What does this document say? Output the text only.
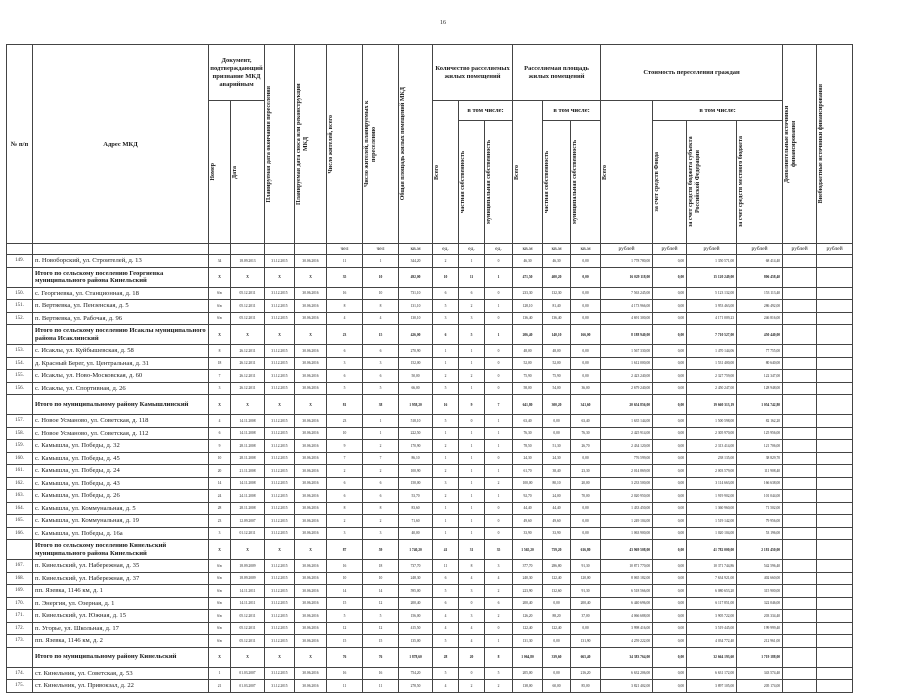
16
№ п/п	Адрес МКД	Документ, подтверждающий признание МКД аварийным		Планируемая дата окончания переселения	Планируемая дата сноса или реконструкции МКД	Число жителей, всего	Число жителей, планируемых к переселению	Общая площадь жилых помещений МКД	Количество расселяемых жилых помещений			Расселяемая площадь жилых помещений			Стоимость переселения граждан				Дополнительные источники финансирования	Внебюджетные источники финансирования

		Номер	Дата						Всего	в том числе:		Всего	в том числе:		Всего	в том числе:				

										частная собственность	муниципальная собственность		частная собственность	муниципальная собственность		за счет средств Фонда	за счет средств бюджета субъекта Российской Федерации	за счет средств местного бюджета		

						чел	чел	кв.м	ед.	ед.	ед.	кв.м	кв.м	кв.м	рублей	рублей	рублей	рублей	рублей	рублей
149.	п. Новоборский, ул. Строителей, д. 13	34	18.09.2013	31.12.2015	30.06.2016	11	1	344,20	2	1	0	46,30	46,30	0,00	1 778 780,00	0,00	1 350 571,00	68 414,40		
	Итого по сельскому поселению Георгиевка муниципального района Кинельский	X	X	X	X	35	10	492,00	10	11	1	471,50	400,20	0,00	16 029 118,00	0,00	15 120 249,00	806 458,40		
150.	с. Георгиевка, ул. Станционная, д. 18	6/в	05.12.2011	31.12.2015	30.06.2016	16	10	731,10	6	6	0	233,30	132,30	0,00	7 563 245,00	0,00	5 123 132,00	153 113,40		
151.	п. Вертяевка, ул. Пензенская, д. 5	6/в	05.12.2011	31.12.2015	30.06.2016	8	8	131,10	5	2	1	128,10	81,40	0,00	4 173 966,00	0,00	3 953 463,00	286 492,00		
152.	п. Вертяевка, ул. Рабочая, д. 96	6/в	05.12.2011	31.12.2015	30.06.2016	4	4	130,10	3	3	0	136,40	136,40	0,00	4 691 300,00	0,00	4 171 009,23	246 816,00		
	Итого по сельскому поселению Исаклы муниципального района Исаклинский	X	X	X	X	23	15	426,00	6	5	1	206,40	140,10	166,00	8 188 940,00	0,00	7 710 527,00	450 440,00		
153.	с. Исаклы, ул. Куйбышевская, д. 58	8	26.12.2011	31.12.2015	30.06.2016	6	6	270,90	1	1	0	48,00	48,00	0,00	1 567 330,00	0,00	1 470 144,06	77 755,00		
154.	д. Красный Берег, ул. Центральная, д. 31	18	26.12.2011	31.12.2015	30.06.2016	3	3	152,00	1	1	0	52,00	52,00	0,00	1 612 000,00	0,00	1 531 400,00	80 640,00		
155.	с. Исаклы, ул. Ново-Московская, д. 60	7	26.12.2011	31.12.2015	30.06.2016	6	6	50,00	2	2	0	75,90	75,90	0,00	2 423 240,00	0,00	2 327 759,00	122 347,00		
156.	с. Исаклы, ул. Спортивная, д. 26	3	26.12.2011	31.12.2015	30.06.2016	5	5	66,00	5	1	0	58,00	54,00	36,00	2 679 240,00	0,00	2 450 247,00	128 948,00		
	Итого по муниципальному району Камышлинский	X	X	X	X	81	38	1 958,20	16	9	7	641,80	300,20	341,60	20 654 856,00	0,00	19 660 313,19	1 054 742,80		
157.	с. Новое Усманово, ул. Советская, д. 118	4	14.11.2008	31.12.2015	30.06.2016	23	1	518,10	5	0	1	63,40	0,00	63,40	1 635 144,00	0,00	1 500 598,00	82 162,20		
158.	с. Новое Усманово, ул. Советская, д. 112	6	14.11.2008	31.12.2015	30.06.2016	10	1	222,50	1	1	1	76,30	0,00	76,30	2 425 914,00	0,00	2 305 970,00	125 956,00		
159.	с. Камышла, ул. Победы, д. 32	9	28.11.2008	31.12.2015	30.06.2016	9	2	170,90	2	1	1	78,50	51,30	26,70	2 434 120,00	0,00	2 313 414,00	121 706,00		
160.	с. Камышла, ул. Победы, д. 45	10	28.11.2008	31.12.2015	30.06.2016	7	7	86,10	1	1	0	24,30	24,30	0,00	776 599,00	0,00	238 135,00	38 829,70		
161.	с. Камышла, ул. Победы, д. 24	20	21.11.2008	31.12.2015	30.06.2016	2	2	100,90	2	1	1	61,70	38,40	23,30	2 014 869,00	0,00	2 003 579,00	111 908,40		
162.	с. Камышла, ул. Победы, д. 43	14	14.11.2008	31.12.2015	30.06.2016	6	6	150,00	3	1	2	100,00	80,10	20,00	3 233 500,00	0,00	3 114 663,00	166 638,00		
163.	с. Камышла, ул. Победы, д. 26	24	24.11.2008	31.12.2015	30.06.2016	6	6	53,70	2	1	1	92,70	24,00	70,00	2 020 950,00	0,00	1 919 902,00	101 044,00		
164.	с. Камышла, ул. Коммунальная, д. 5	28	28.11.2008	31.12.2015	30.06.2016	8	8	83,60	1	1	0	44,40	44,40	0,00	1 433 450,00	0,00	1 360 960,00	71 502,00		
165.	с. Камышла, ул. Коммунальная, д. 19	23	12.09.2007	31.12.2015	30.06.2016	2	2	71,60	1	1	0	49,60	49,60	0,00	1 249 104,00	0,00	1 519 142,00	79 956,00		
166.	с. Камышла, ул. Победы, д. 16а	3	01.12.2011	31.12.2015	30.06.2016	3	3	40,00	1	1	0	33,90	33,90	0,00	1 063 900,00	0,00	1 020 104,00	53 196,00		
	Итого по сельскому поселению Кинельский муниципального района Кинельский	X	X	X	X	87	59	1 740,20	41	31	35	1 565,20	759,20	616,80	43 969 508,00	0,00	41 782 000,00	2 181 450,00		
167.	п. Кинельский, ул. Набережная, д. 35	6/в	18.09.2009	31.12.2015	30.06.2016	16	18	737,70	11	8	3	377,70	286,80	91,30	10 871 770,00	0,00	10 371 744,86	542 596,40		
168.	п. Кинельский, ул. Набережная, д. 37	6/в	18.09.2009	31.12.2015	30.06.2016	10	10	248,30	6	4	4	240,30	122,40	120,00	8 065 182,00	0,00	7 634 921,00	402 660,00		
169.	пп. Язевка, 1146 км, д. 1	6/в	14.11.2011	31.12.2015	30.06.2016	14	14	595,00	5	3	2	223,90	132,60	91,30	6 518 566,00	0,00	6 080 653,20	315 900,00		
170.	п. Энергия, ул. Озерная, д. 1	6/в	14.11.2011	31.12.2015	30.06.2016	15	12	200,40	6	0	6	200,40	0,00	200,40	6 440 696,00	0,00	6 117 851,00	322 046,00		
171.	п. Кинельский, ул. Южная, д. 15	6/в	05.12.2011	31.12.2015	30.06.2016	5	5	156,00	4	3	2	126,20	88,20	37,00	4 066 688,00	0,00	3 905 722,00	203 334,40		
172.	п. Угорье, ул. Школьная, д. 17	6/в	05.12.2011	31.12.2015	30.06.2016	12	12	415,50	4	4	0	122,40	122,40	0,00	3 998 416,00	0,00	3 519 445,00	199 999,40		
173.	пп. Язевка, 1146 км, д. 2	6/в	05.12.2011	31.12.2015	30.06.2016	15	15	135,00	5	4	1	131,30	0,00	131,90	4 259 222,00	0,00	4 034 772,40	212 961,00		
	Итого по муниципальному району Кинельский	X	X	X	X	76	76	1 878,60	28	20	8	1 064,80	339,60	665,40	34 383 764,00	0,00	32 664 193,60	1 719 188,00		
174.	ст. Кинельник, ул. Советская, д. 53	1	01.03.2007	31.12.2015	30.06.2016	16	16	754,20	5	0	5	205,00	0,00	216,20	6 632 206,00	0,00	6 631 172,00	343 574,40		
175.	ст. Кинельник, ул. Привокзал, д. 22	21	01.03.2007	31.12.2015	30.06.2016	11	11	278,50	4	2	2	138,00	60,00	85,00	3 821 402,00	0,00	3 897 105,00	205 174,00		
